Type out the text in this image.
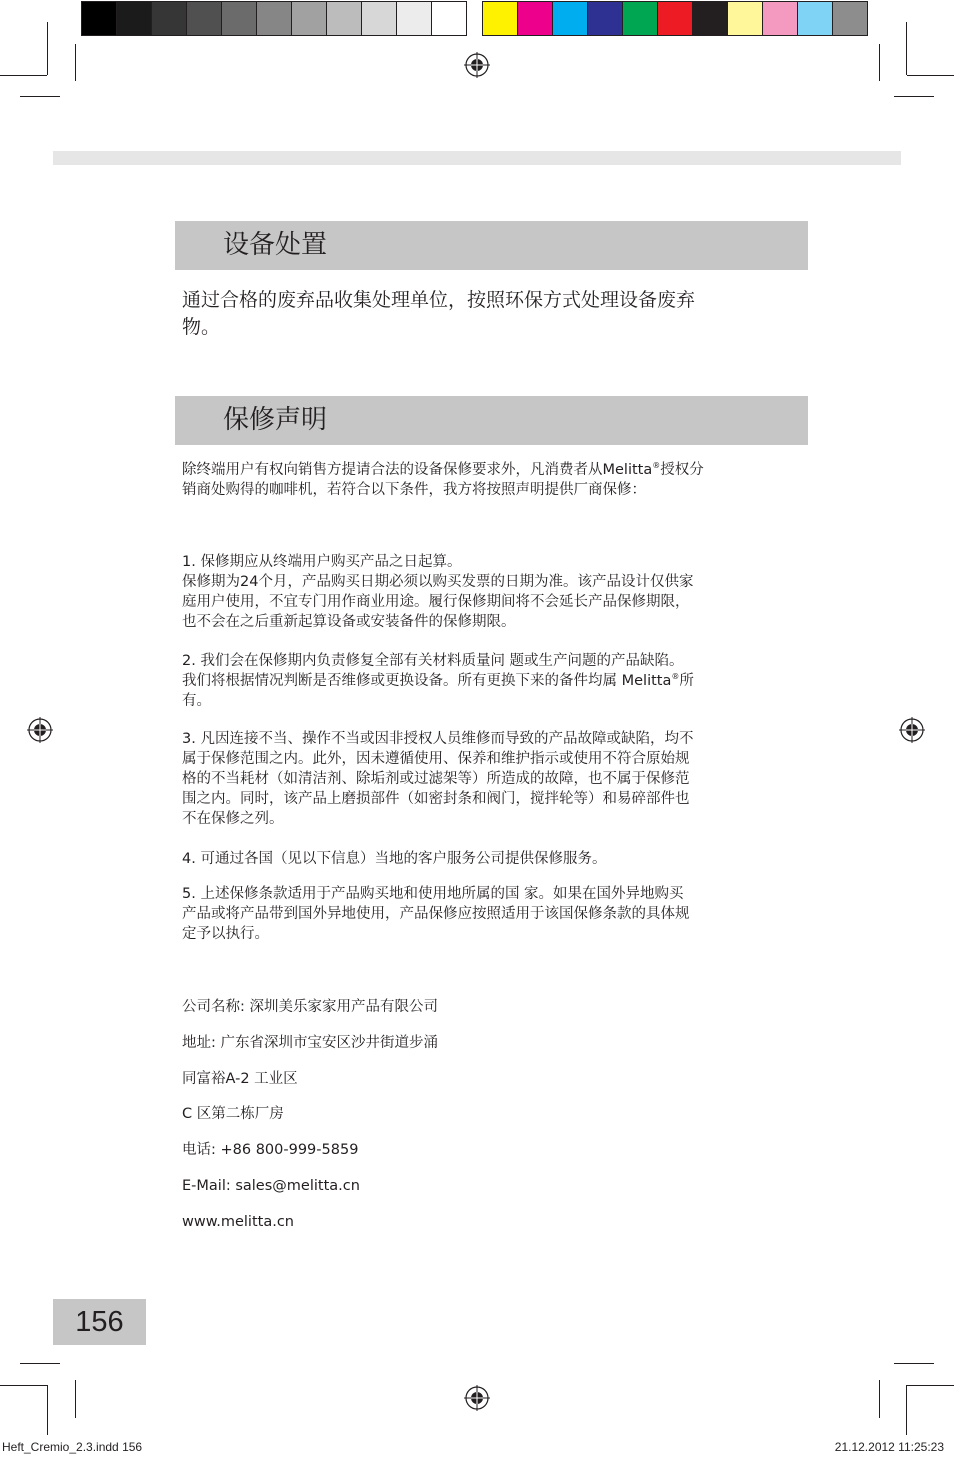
设备处置
通过合格的废弃品收集处理单位，按照环保方式处理设备废弃
物。
保修声明
除终端用户有权向销售方提请合法的设备保修要求外，凡消费者从Melitta®授权分
销商处购得的咖啡机，若符合以下条件，我方将按照声明提供厂商保修：
1. 保修期应从终端用户购买产品之日起算。
保修期为24个月，产品购买日期必须以购买发票的日期为准。该产品设计仅供家
庭用户使用，不宜专门用作商业用途。履行保修期间将不会延长产品保修期限，
也不会在之后重新起算设备或安装备件的保修期限。
2. 我们会在保修期内负责修复全部有关材料质量问 题或生产问题的产品缺陷。
我们将根据情况判断是否维修或更换设备。所有更换下来的备件均属 Melitta®所
有。
3. 凡因连接不当、操作不当或因非授权人员维修而导致的产品故障或缺陷，均不
属于保修范围之内。此外，因未遵循使用、保养和维护指示或使用不符合原始规
格的不当耗材（如清洁剂、除垢剂或过滤架等）所造成的故障，也不属于保修范
围之内。同时，该产品上磨损部件（如密封条和阀门，搅拌轮等）和易碎部件也
不在保修之列。
4. 可通过各国（见以下信息）当地的客户服务公司提供保修服务。
5. 上述保修条款适用于产品购买地和使用地所属的国 家。如果在国外异地购买
产品或将产品带到国外异地使用，产品保修应按照适用于该国保修条款的具体规
定予以执行。
公司名称: 深圳美乐家家用产品有限公司
地址: 广东省深圳市宝安区沙井街道步涌
同富裕A-2 工业区
C 区第二栋厂房
电话: +86 800-999-5859
E-Mail: sales@melitta.cn
www.melitta.cn
156
Heft_Cremio_2.3.indd 156	21.12.2012 11:25:23
